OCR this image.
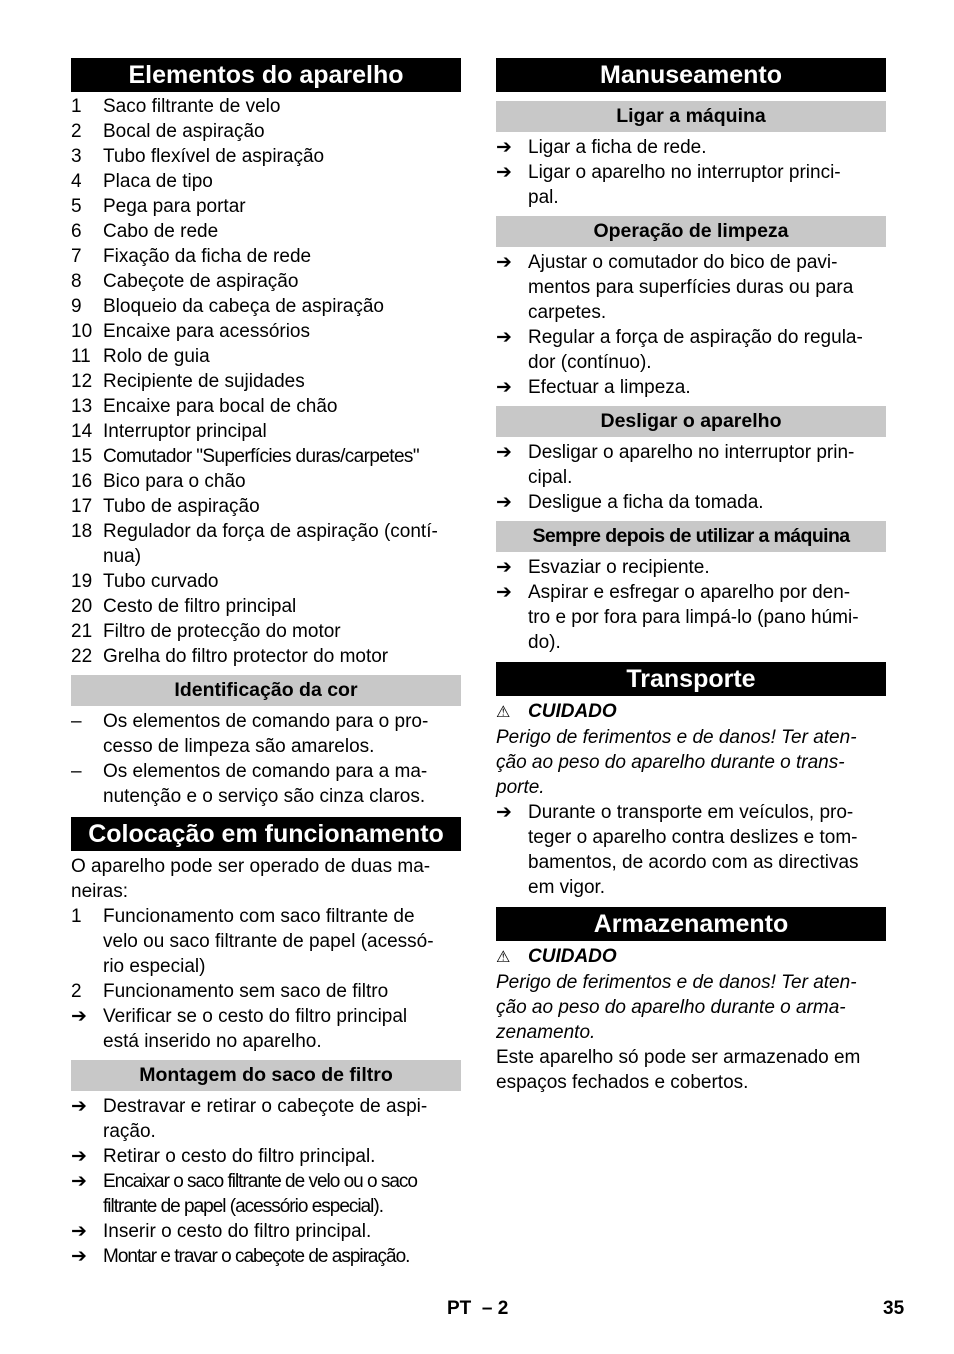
Elementos do aparelho
1	Saco filtrante de velo
2	Bocal de aspiração
3	Tubo flexível de aspiração
4	Placa de tipo
5	Pega para portar
6	Cabo de rede
7	Fixação da ficha de rede
8	Cabeçote de aspiração
9	Bloqueio da cabeça de aspiração
10 Encaixe para acessórios
11 Rolo de guia
12 Recipiente de sujidades
13 Encaixe para bocal de chão
14 Interruptor principal
15 Comutador "Superfícies duras/carpetes"
16 Bico para o chão
17 Tubo de aspiração
18 Regulador da força de aspiração (contí-
nua)
19 Tubo curvado
20 Cesto de filtro principal
21 Filtro de protecção do motor
22 Grelha do filtro protector do motor
Identificação da cor
–	Os elementos de comando para o pro-
cesso de limpeza são amarelos.
–	Os elementos de comando para a ma-
nutenção e o serviço são cinza claros.
Colocação em funcionamento
O aparelho pode ser operado de duas ma-
neiras:
1	Funcionamento com saco filtrante de
velo ou saco filtrante de papel (acessó-
rio especial)
2	Funcionamento sem saco de filtro
➔ Verificar se o cesto do filtro principal
está inserido no aparelho.
Montagem do saco de filtro
➔ Destravar e retirar o cabeçote de aspi-
ração.
➔ Retirar o cesto do filtro principal.
➔ Encaixar o saco filtrante de velo ou o saco
filtrante de papel (acessório especial).
➔ Inserir o cesto do filtro principal.
➔ Montar e travar o cabeçote de aspiração.
Manuseamento
Ligar a máquina
➔ Ligar a ficha de rede.
➔ Ligar o aparelho no interruptor princi-
pal.
Operação de limpeza
➔ Ajustar o comutador do bico de pavi-
mentos para superfícies duras ou para
carpetes.
➔ Regular a força de aspiração do regula-
dor (contínuo).
➔ Efectuar a limpeza.
Desligar o aparelho
➔ Desligar o aparelho no interruptor prin-
cipal.
➔ Desligue a ficha da tomada.
Sempre depois de utilizar a máquina
➔ Esvaziar o recipiente.
➔ Aspirar e esfregar o aparelho por den-
tro e por fora para limpá-lo (pano húmi-
do).
Transporte
⚠ CUIDADO
Perigo de ferimentos e de danos! Ter aten-
ção ao peso do aparelho durante o trans-
porte.
➔ Durante o transporte em veículos, pro-
teger o aparelho contra deslizes e tom-
bamentos, de acordo com as directivas
em vigor.
Armazenamento
⚠ CUIDADO
Perigo de ferimentos e de danos! Ter aten-
ção ao peso do aparelho durante o arma-
zenamento.
Este aparelho só pode ser armazenado em
espaços fechados e cobertos.
PT – 2	35
